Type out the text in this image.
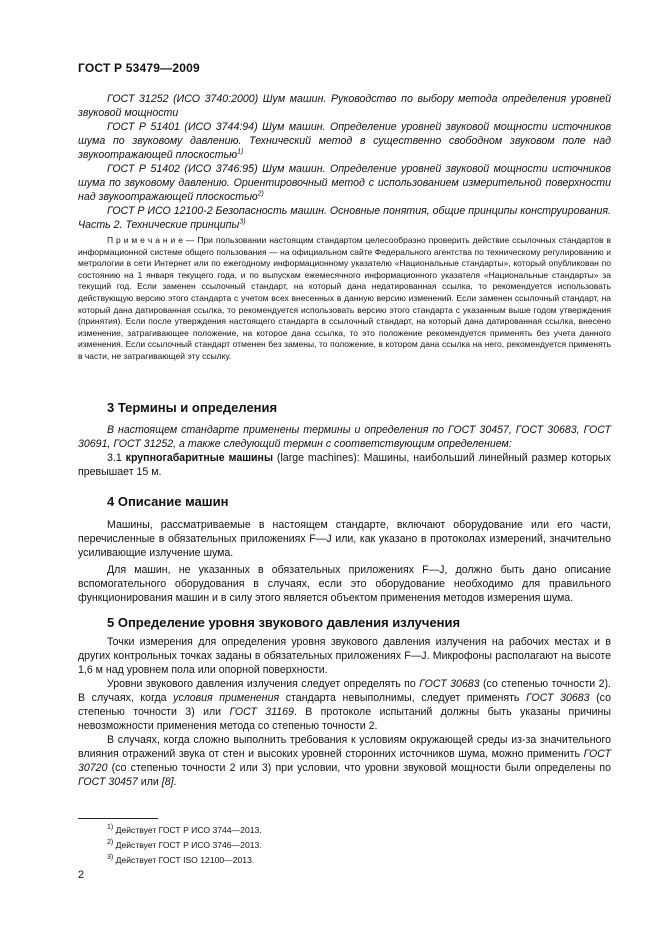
ГОСТ Р 53479—2009

ГОСТ 31252 (ИСО 3740:2000) Шум машин. Руководство по выбору метода определения уровней звуковой мощности

ГОСТ Р 51401 (ИСО 3744:94) Шум машин. Определение уровней звуковой мощности источников шума по звуковому давлению. Технический метод в существенно свободном звуковом поле над звукоотражающей плоскостью$^{1)}$

ГОСТ Р 51402 (ИСО 3746:95) Шум машин. Определение уровней звуковой мощности источников шума по звуковому давлению. Ориентировочный метод с использованием измерительной поверхности над звукоотражающей плоскостью$^{2)}$

ГОСТ Р ИСО 12100-2 Безопасность машин. Основные понятия, общие принципы конструирования. Часть 2. Технические принципы$^{3)}$

П р и м е ч а н и е — При пользовании настоящим стандартом целесообразно проверить действие ссылочных стандартов в информационной системе общего пользования — на официальном сайте Федерального агентства по техническому регулированию и метрологии в сети Интернет или по ежегодному информационному указателю «Национальные стандарты», который опубликован по состоянию на 1 января текущего года, и по выпускам ежемесячного информационного указателя «Национальные стандарты» за текущий год. Если заменен ссылочный стандарт, на который дана недатированная ссылка, то рекомендуется использовать действующую версию этого стандарта с учетом всех внесенных в данную версию изменений. Если заменен ссылочный стандарт, на который дана датированная ссылка, то рекомендуется использовать версию этого стандарта с указанным выше годом утверждения (принятия). Если после утверждения настоящего стандарта в ссылочный стандарт, на который дана датированная ссылка, внесено изменение, затрагивающее положение, на которое дана ссылка, то это положение рекомендуется применять без учета данного изменения. Если ссылочный стандарт отменен без замены, то положение, в котором дана ссылка на него, рекомендуется применять в части, не затрагивающей эту ссылку.

3 Термины и определения

В настоящем стандарте применены термины и определения по ГОСТ 30457, ГОСТ 30683, ГОСТ 30691, ГОСТ 31252, а также следующий термин с соответствующим определением:

3.1 крупногабаритные машины (large machines): Машины, наибольший линейный размер которых превышает 15 м.

4 Описание машин

Машины, рассматриваемые в настоящем стандарте, включают оборудование или его части, перечисленные в обязательных приложениях F—J или, как указано в протоколах измерений, значительно усиливающие излучение шума.

Для машин, не указанных в обязательных приложениях F—J, должно быть дано описание вспомогательного оборудования в случаях, если это оборудование необходимо для правильного функционирования машин и в силу этого является объектом применения методов измерения шума.

5 Определение уровня звукового давления излучения

Точки измерения для определения уровня звукового давления излучения на рабочих местах и в других контрольных точках заданы в обязательных приложениях F—J. Микрофоны располагают на высоте 1,6 м над уровнем пола или опорной поверхности.

Уровни звукового давления излучения следует определять по ГОСТ 30683 (со степенью точности 2). В случаях, когда условия применения стандарта невыполнимы, следует применять ГОСТ 30683 (со степенью точности 3) или ГОСТ 31169. В протоколе испытаний должны быть указаны причины невозможности применения метода со степенью точности 2.

В случаях, когда сложно выполнить требования к условиям окружающей среды из-за значительного влияния отражений звука от стен и высоких уровней сторонних источников шума, можно применить ГОСТ 30720 (со степенью точности 2 или 3) при условии, что уровни звуковой мощности были определены по ГОСТ 30457 или [8].

$^{1)}$ Действует ГОСТ Р ИСО 3744—2013.
$^{2)}$ Действует ГОСТ Р ИСО 3746—2013.
$^{3)}$ Действует ГОСТ ISO 12100—2013.
2
